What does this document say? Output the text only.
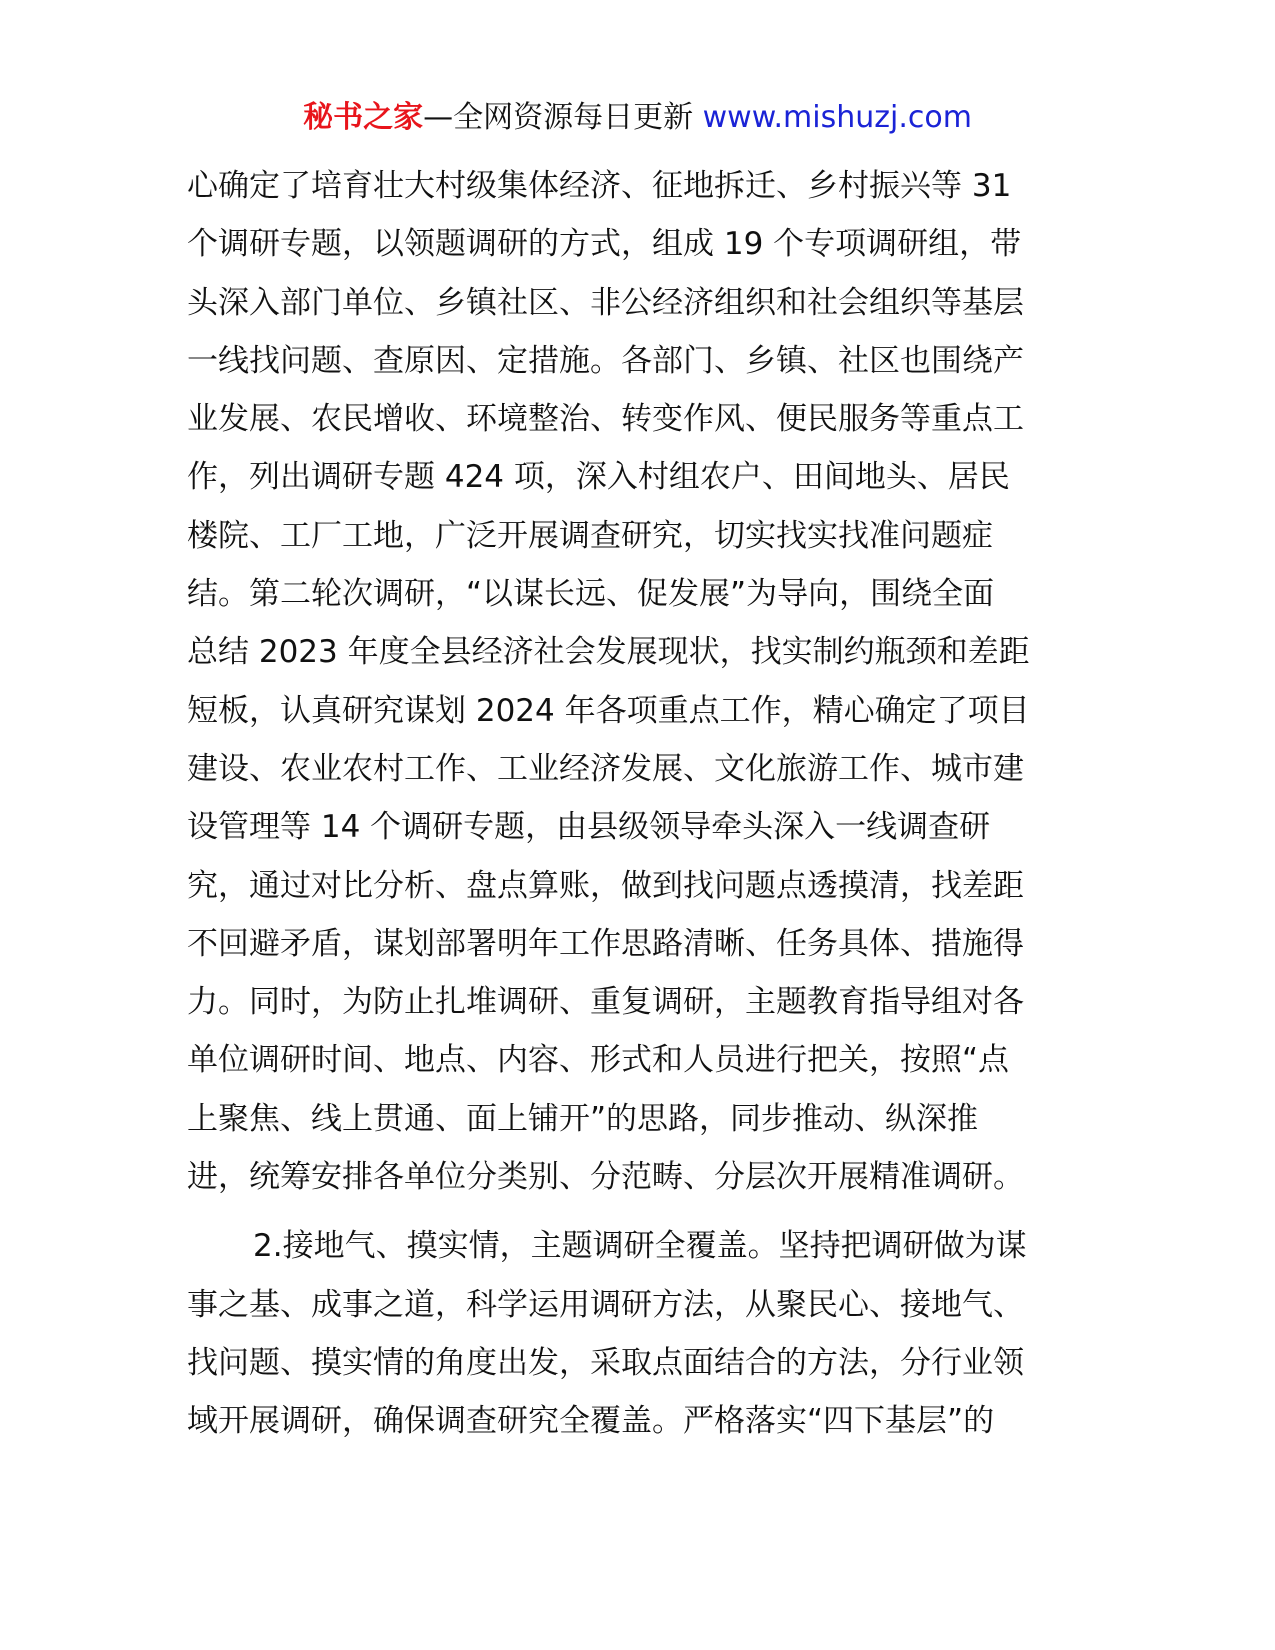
秘书之家—全网资源每日更新 www.mishuzj.com
心确定了培育壮大村级集体经济、征地拆迁、乡村振兴等 31
个调研专题，以领题调研的方式，组成 19 个专项调研组，带
头深入部门单位、乡镇社区、非公经济组织和社会组织等基层
一线找问题、查原因、定措施。各部门、乡镇、社区也围绕产
业发展、农民增收、环境整治、转变作风、便民服务等重点工
作，列出调研专题 424 项，深入村组农户、田间地头、居民
楼院、工厂工地，广泛开展调查研究，切实找实找准问题症
结。第二轮次调研，“以谋长远、促发展”为导向，围绕全面
总结 2023 年度全县经济社会发展现状，找实制约瓶颈和差距
短板，认真研究谋划 2024 年各项重点工作，精心确定了项目
建设、农业农村工作、工业经济发展、文化旅游工作、城市建
设管理等 14 个调研专题，由县级领导牵头深入一线调查研
究，通过对比分析、盘点算账，做到找问题点透摸清，找差距
不回避矛盾，谋划部署明年工作思路清晰、任务具体、措施得
力。同时，为防止扎堆调研、重复调研，主题教育指导组对各
单位调研时间、地点、内容、形式和人员进行把关，按照“点
上聚焦、线上贯通、面上铺开”的思路，同步推动、纵深推
进，统筹安排各单位分类别、分范畴、分层次开展精准调研。
2.接地气、摸实情，主题调研全覆盖。坚持把调研做为谋
事之基、成事之道，科学运用调研方法，从聚民心、接地气、
找问题、摸实情的角度出发，采取点面结合的方法，分行业领
域开展调研，确保调查研究全覆盖。严格落实“四下基层”的
